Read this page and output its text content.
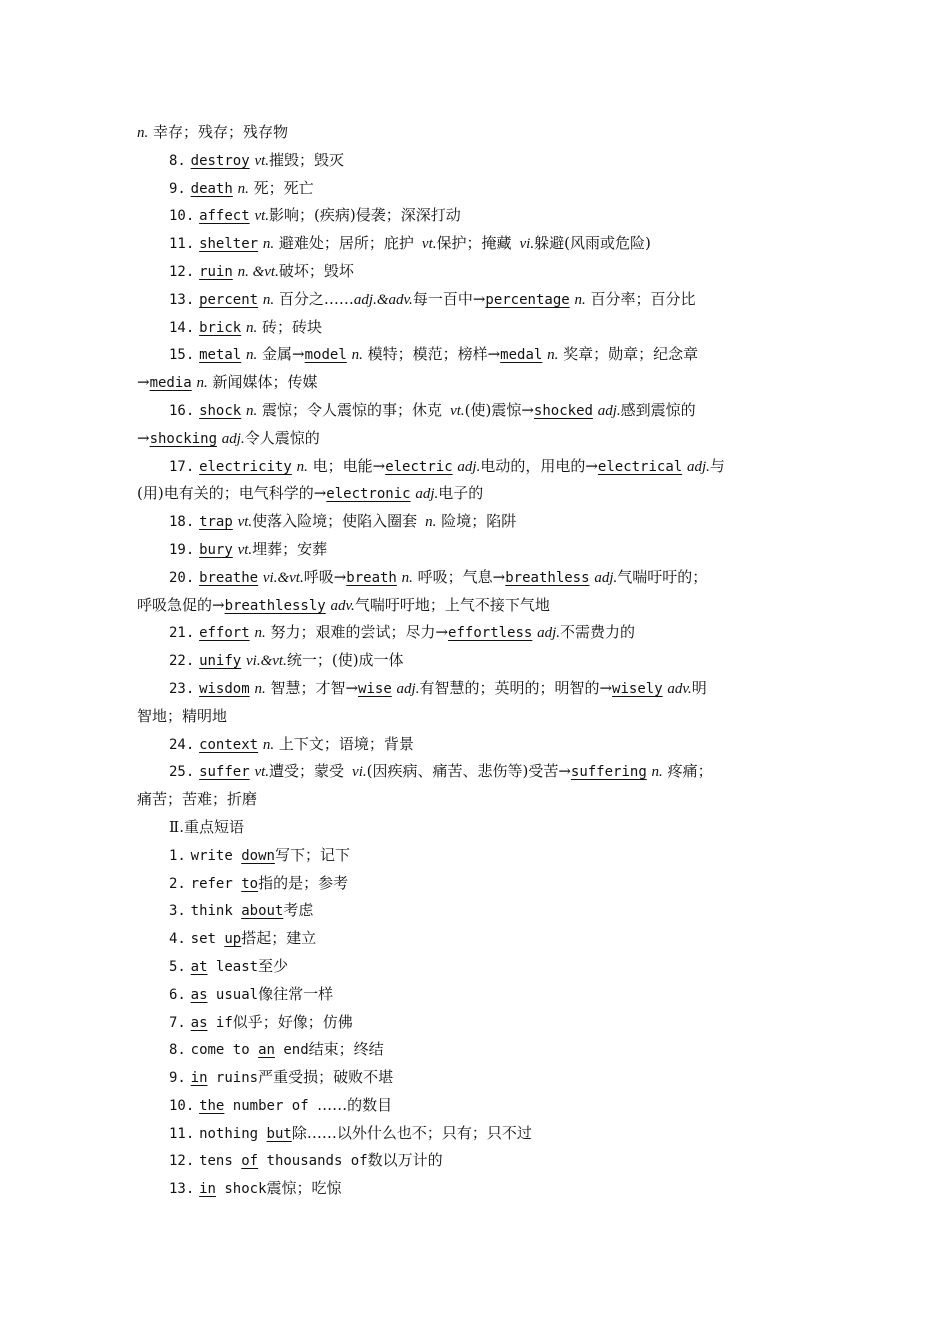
n. 幸存；残存；残存物
8. destroy vt.摧毁；毁灭
9. death n. 死；死亡
10. affect vt.影响；(疾病)侵袭；深深打动
11. shelter n. 避难处；居所；庇护 vt.保护；掩藏 vi.躲避(风雨或危险)
12. ruin n. &vt.破坏；毁坏
13. percent n. 百分之……adj.&adv.每一百中→percentage n. 百分率；百分比
14. brick n. 砖；砖块
15. metal n. 金属→model n. 模特；模范；榜样→medal n. 奖章；勋章；纪念章
→media n. 新闻媒体；传媒
16. shock n. 震惊；令人震惊的事；休克 vt.(使)震惊→shocked adj.感到震惊的
→shocking adj.令人震惊的
17. electricity n. 电；电能→electric adj.电动的，用电的→electrical adj.与
(用)电有关的；电气科学的→electronic adj.电子的
18. trap vt.使落入险境；使陷入圈套 n. 险境；陷阱
19. bury vt.埋葬；安葬
20. breathe vi.&vt.呼吸→breath n. 呼吸；气息→breathless adj.气喘吁吁的；
呼吸急促的→breathlessly adv.气喘吁吁地；上气不接下气地
21. effort n. 努力；艰难的尝试；尽力→effortless adj.不需费力的
22. unify vi.&vt.统一；(使)成一体
23. wisdom n. 智慧；才智→wise adj.有智慧的；英明的；明智的→wisely adv.明
智地；精明地
24. context n. 上下文；语境；背景
25. suffer vt.遭受；蒙受 vi.(因疾病、痛苦、悲伤等)受苦→suffering n. 疼痛；
痛苦；苦难；折磨
Ⅱ.重点短语
1. write down写下；记下
2. refer to指的是；参考
3. think about考虑
4. set up搭起；建立
5. at least至少
6. as usual像往常一样
7. as if似乎；好像；仿佛
8. come to an end结束；终结
9. in ruins严重受损；破败不堪
10. the number of ……的数目
11. nothing but除……以外什么也不；只有；只不过
12. tens of thousands of数以万计的
13. in shock震惊；吃惊
